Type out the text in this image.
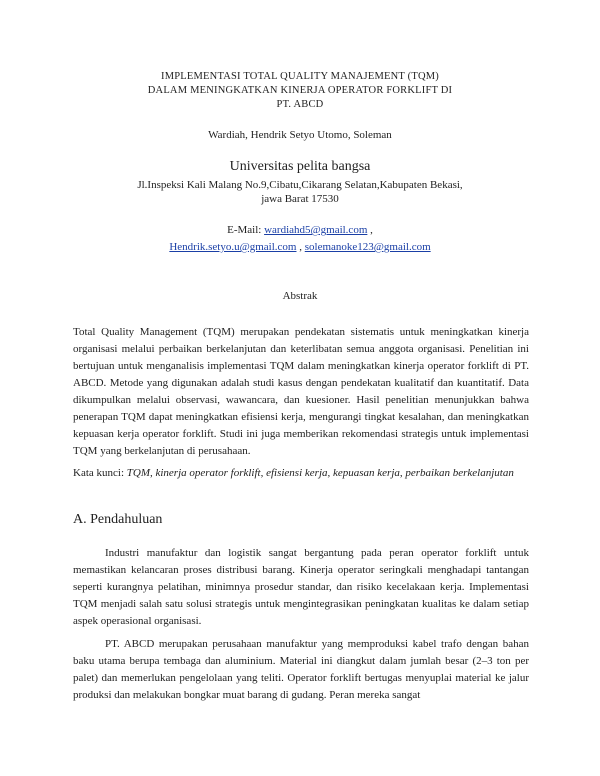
IMPLEMENTASI TOTAL QUALITY MANAJEMENT (TQM)
DALAM MENINGKATKAN KINERJA OPERATOR FORKLIFT DI
PT. ABCD
Wardiah, Hendrik Setyo Utomo, Soleman
Universitas pelita bangsa
Jl.Inspeksi Kali Malang No.9,Cibatu,Cikarang Selatan,Kabupaten Bekasi,
jawa Barat 17530
E-Mail: wardiahd5@gmail.com ,
Hendrik.setyo.u@gmail.com , solemanoke123@gmail.com
Abstrak
Total Quality Management (TQM) merupakan pendekatan sistematis untuk meningkatkan kinerja organisasi melalui perbaikan berkelanjutan dan keterlibatan semua anggota organisasi. Penelitian ini bertujuan untuk menganalisis implementasi TQM dalam meningkatkan kinerja operator forklift di PT. ABCD. Metode yang digunakan adalah studi kasus dengan pendekatan kualitatif dan kuantitatif. Data dikumpulkan melalui observasi, wawancara, dan kuesioner. Hasil penelitian menunjukkan bahwa penerapan TQM dapat meningkatkan efisiensi kerja, mengurangi tingkat kesalahan, dan meningkatkan kepuasan kerja operator forklift. Studi ini juga memberikan rekomendasi strategis untuk implementasi TQM yang berkelanjutan di perusahaan.
Kata kunci: TQM, kinerja operator forklift, efisiensi kerja, kepuasan kerja, perbaikan berkelanjutan
A. Pendahuluan
Industri manufaktur dan logistik sangat bergantung pada peran operator forklift untuk memastikan kelancaran proses distribusi barang. Kinerja operator seringkali menghadapi tantangan seperti kurangnya pelatihan, minimnya prosedur standar, dan risiko kecelakaan kerja. Implementasi TQM menjadi salah satu solusi strategis untuk mengintegrasikan peningkatan kualitas ke dalam setiap aspek operasional organisasi.
PT. ABCD merupakan perusahaan manufaktur yang memproduksi kabel trafo dengan bahan baku utama berupa tembaga dan aluminium. Material ini diangkut dalam jumlah besar (2–3 ton per palet) dan memerlukan pengelolaan yang teliti. Operator forklift bertugas menyuplai material ke jalur produksi dan melakukan bongkar muat barang di gudang. Peran mereka sangat
